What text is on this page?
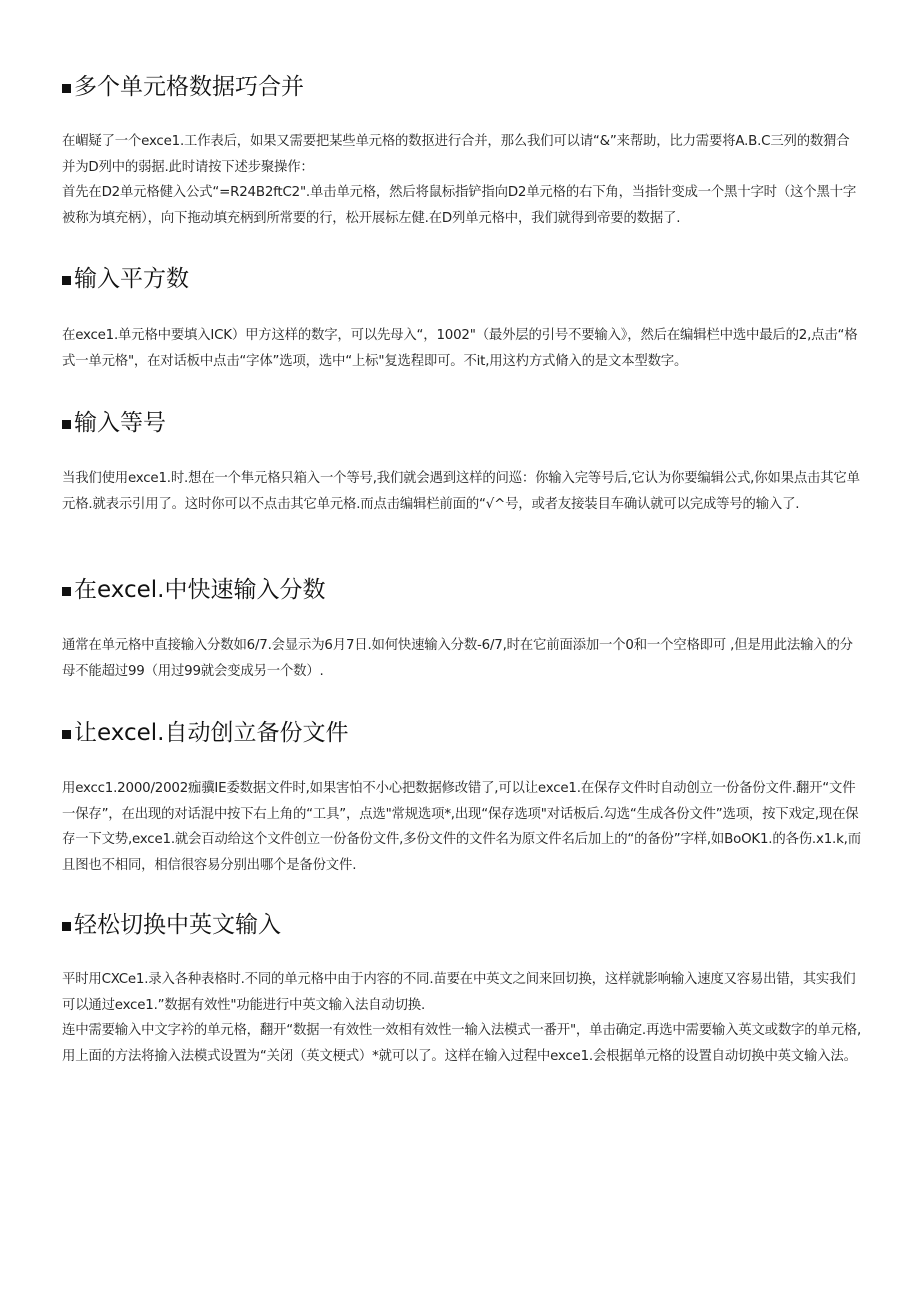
多个单元格数据巧合并

在嵋疑了一个exce1.工作表后，如果又需要把某些单元格的数抠进行合并，那么我们可以请“&”来帮助，比力需要将A.B.C三列的数猬合并为D列中的弱据.此时请按下述步聚操作：

首先在D2单元格健入公式“=R24B2ftC2".单击单元格，然后将鼠标指铲指向D2单元格的右下角，当指针变成一个黑十字时（这个黑十字被称为填充柄），向下拖动填充柄到所常要的行，松开展标左健.在D列单元格中，我们就得到帝要的数据了.

输入平方数

在exce1.单元格中要填入ICK）甲方这样的数字，可以先母入“，1002"（最外层的引号不要输入》，然后在编辑栏中选中最后的2,点击“格式一单元格"，在对话板中点击“字体”选项，选中“上标"复选程即可。不it,用这杓方式脩入的是文本型数字。

输入等号

当我们使用exce1.时.想在一个隼元格只箱入一个等号,我们就会遇到这样的问巡：你输入完等号后,它认为你要编辑公式,你如果点击其它单元格.就表示引用了。这时你可以不点击其它单元格.而点击编辑栏前面的“√^号，或者友接装目车确认就可以完成等号的输入了.

在excel.中快速输入分数

通常在单元格中直接输入分数如6/7.会显示为6月7日.如何快速输入分数-6/7,时在它前面添加一个0和一个空格即可 ,但是用此法输入的分母不能超过99（用过99就会变成另一个数）.

让excel.自动创立备份文件

用excc1.2000∕2002痂骥IE委数据文件时,如果害怕不小心把数据修改错了,可以让exce1.在保存文件时自动创立一份备份文件.翻开“文件一保存”，在出现的对话混中按下右上角的“工具”，点选"常规选项*,出现“保存选项"对话板后.勾选“生成各份文件”选项，按下戏定,现在保存一下文势,exce1.就会百动给这个文件创立一份备份文件,多份文件的文件名为原文件名后加上的“的备份”字样,如BoOK1.的各伤.x1.k,而且图也不相同，相信很容易分别出哪个是备份文件.

轻松切换中英文输入

平时用CXCe1.录入各种表格时.不同的单元格中由于内容的不同.苗要在中英文之间来回切换，这样就影响输入速度又容易出错，其实我们可以通过exce1.”数据有效性"功能进行中英文输入法自动切换.

连中需要输入中文字衿的单元格，翻开“数据一有效性一效相有效性一输入法模式一番开"，单击确定.再选中需要输入英文或数字的单元格,用上面的方法将揄入法模式设置为“关闭（英文梗式）*就可以了。这样在输入过程中exce1.会根据单元格的设置自动切换中英文输入法。
